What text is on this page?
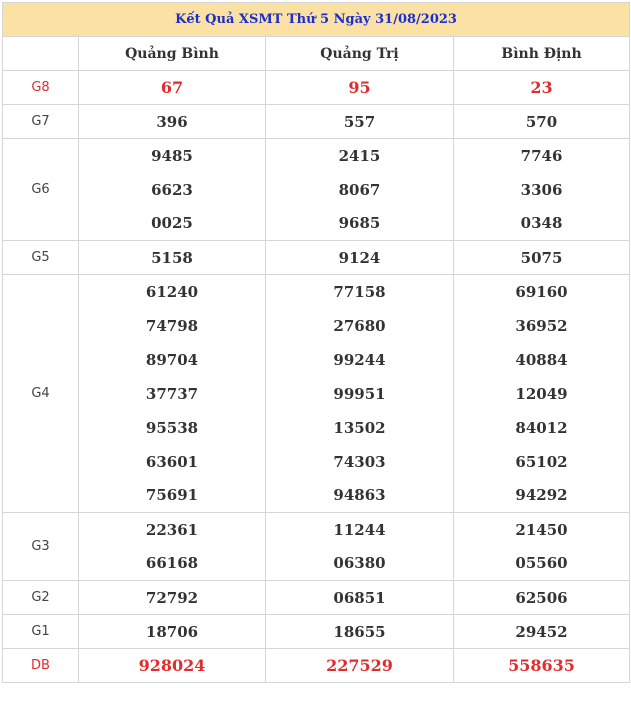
Kết Quả XSMT Thứ 5 Ngày 31/08/2023			
	Quảng Bình	Quảng Trị	Bình Định
G8	67	95	23
G7	396	557	570
G6	9485	2415	7746
	6623	8067	3306
	0025	9685	0348
G5	5158	9124	5075
G4	61240	77158	69160
	74798	27680	36952
	89704	99244	40884
	37737	99951	12049
	95538	13502	84012
	63601	74303	65102
	75691	94863	94292
G3	22361	11244	21450
	66168	06380	05560
G2	72792	06851	62506
G1	18706	18655	29452
DB	928024	227529	558635
